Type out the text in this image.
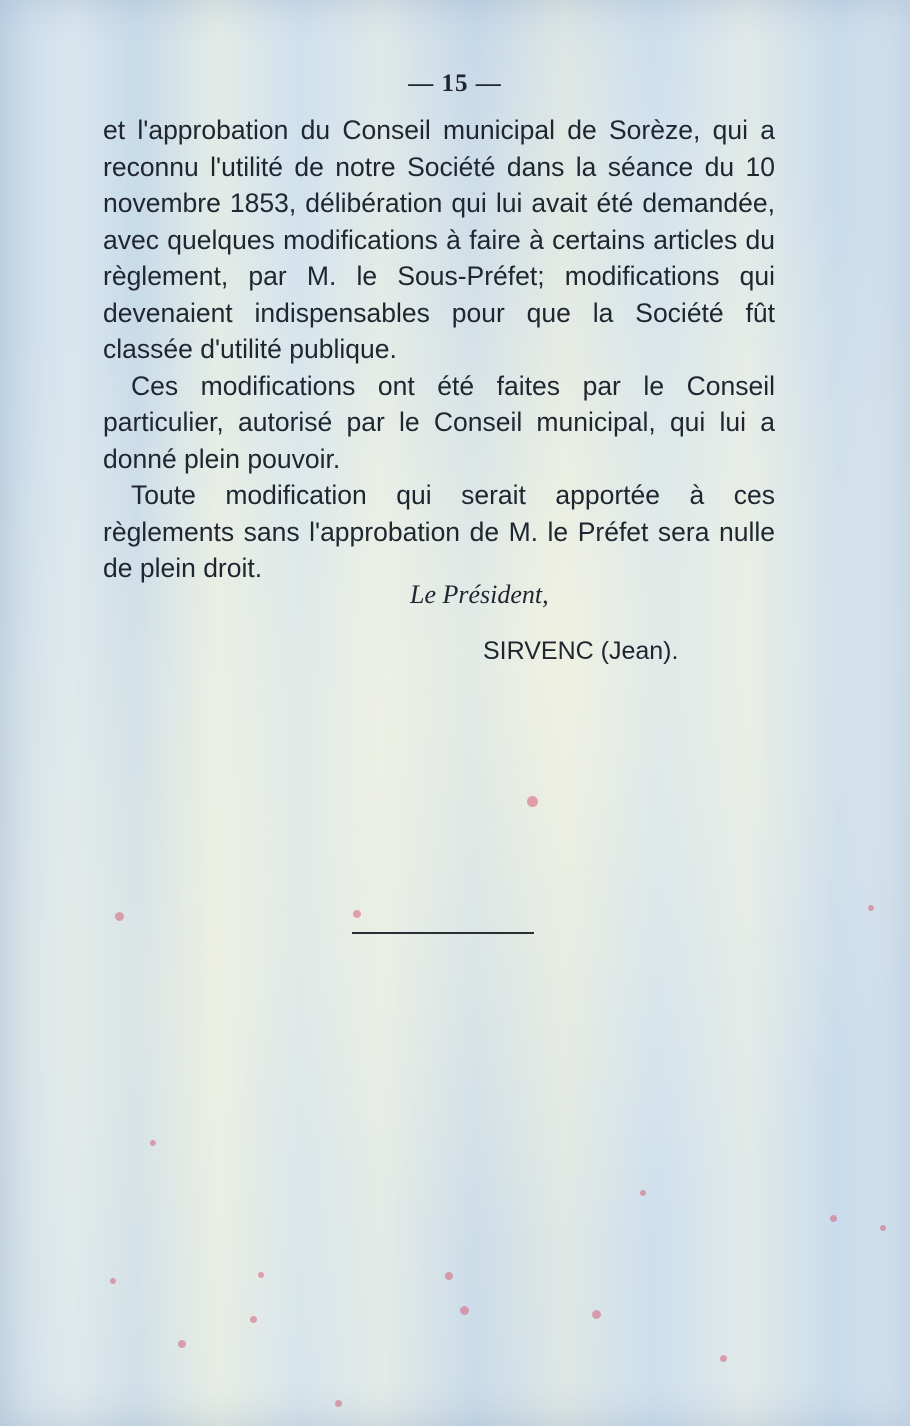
— 15 —

et l'approbation du Conseil municipal de Sorèze, qui a reconnu l'utilité de notre Société dans la séance du 10 novembre 1853, délibération qui lui avait été demandée, avec quelques modifications à faire à certains articles du règlement, par M. le Sous-Préfet; modifications qui devenaient indispensables pour que la Société fût classée d'utilité publique.

Ces modifications ont été faites par le Conseil particulier, autorisé par le Conseil municipal, qui lui a donné plein pouvoir.

Toute modification qui serait apportée à ces règlements sans l'approbation de M. le Préfet sera nulle de plein droit.

Le Président,
SIRVENC (Jean).
